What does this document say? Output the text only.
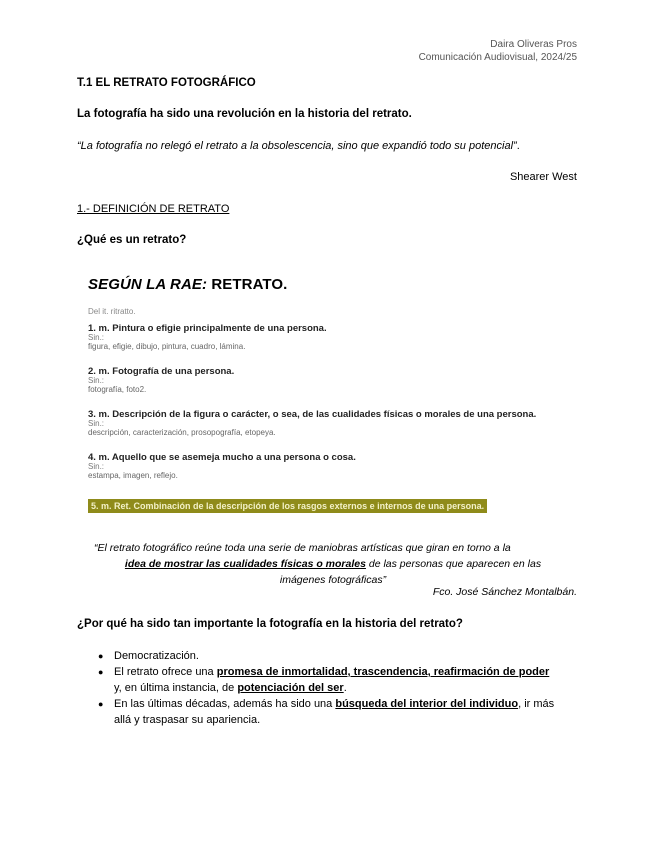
Daira Oliveras Pros
Comunicación Audiovisual, 2024/25
T.1 EL RETRATO FOTOGRÁFICO
La fotografía ha sido una revolución en la historia del retrato.
“La fotografía no relegó el retrato a la obsolescencia, sino que expandió todo su potencial”.
Shearer West
1.- DEFINICIÓN DE RETRATO
¿Qué es un retrato?
SEGÚN LA RAE: RETRATO.
Del it. ritratto.
1. m. Pintura o efigie principalmente de una persona.
Sin.:
figura, efigie, dibujo, pintura, cuadro, lámina.
2. m. Fotografía de una persona.
Sin.:
fotografía, foto2.
3. m. Descripción de la figura o carácter, o sea, de las cualidades físicas o morales de una persona.
Sin.:
descripción, caracterización, prosopografía, etopeya.
4. m. Aquello que se asemeja mucho a una persona o cosa.
Sin.:
estampa, imagen, reflejo.
5. m. Ret. Combinación de la descripción de los rasgos externos e internos de una persona.
“El retrato fotográfico reúne toda una serie de maniobras artísticas que giran en torno a la
idea de mostrar las cualidades físicas o morales de las personas que aparecen en las
imágenes fotográficas”
Fco. José Sánchez Montalbán.
¿Por qué ha sido tan importante la fotografía en la historia del retrato?
● Democratización.
● El retrato ofrece una promesa de inmortalidad, trascendencia, reafirmación de poder y, en última instancia, de potenciación del ser.
● En las últimas décadas, además ha sido una búsqueda del interior del individuo, ir más allá y traspasar su apariencia.
